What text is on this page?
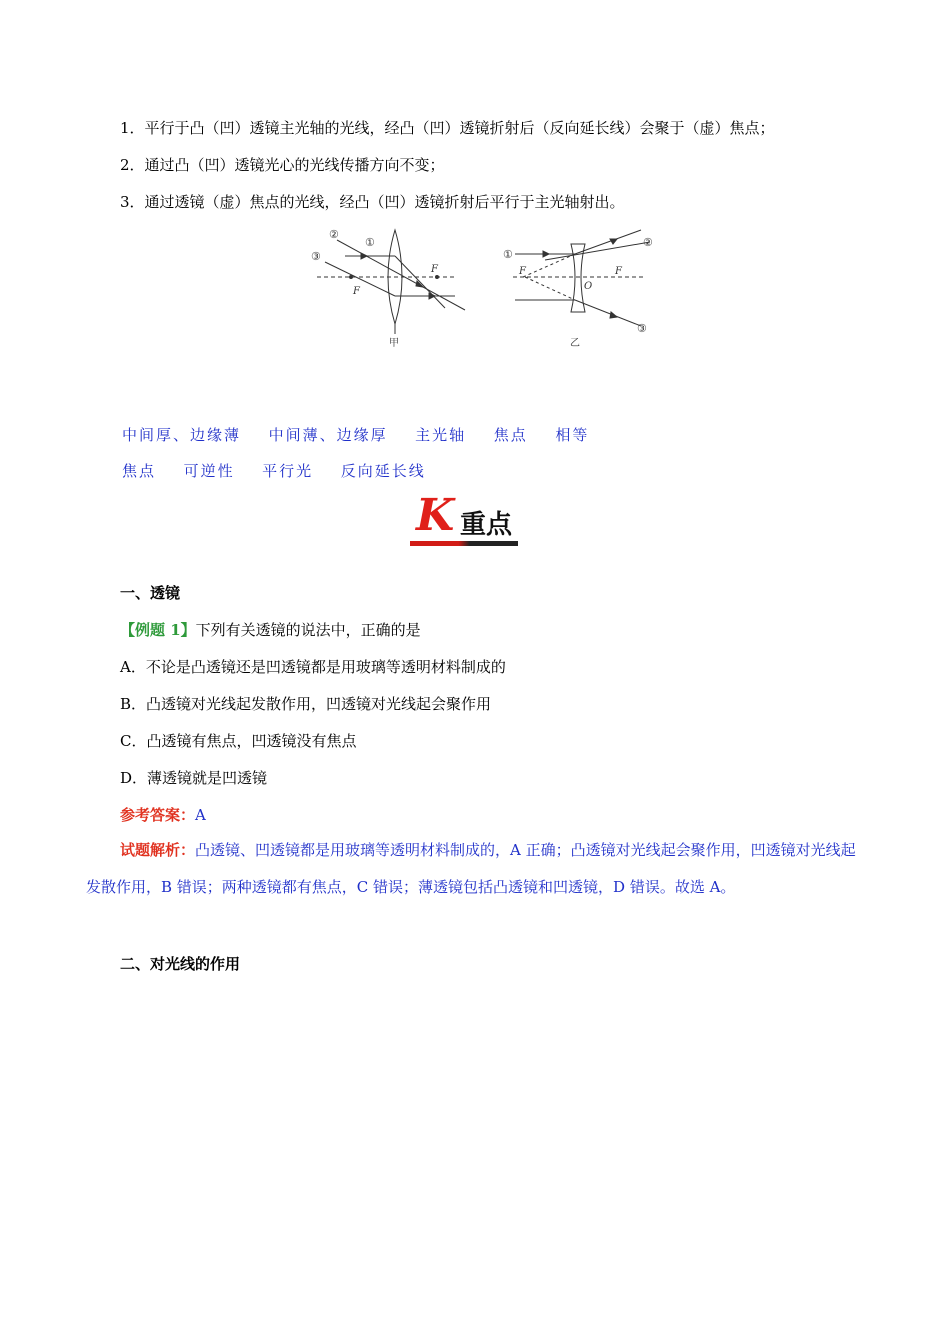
1．平行于凸（凹）透镜主光轴的光线，经凸（凹）透镜折射后（反向延长线）会聚于（虚）焦点；
2．通过凸（凹）透镜光心的光线传播方向不变；
3．通过透镜（虚）焦点的光线，经凸（凹）透镜折射后平行于主光轴射出。
②
①
③
F
F
甲
①
②
③
F	F
O
乙
中间厚、边缘薄 中间薄、边缘厚 主光轴 焦点 相等
焦点 可逆性 平行光 反向延长线
K 重点
一、透镜
【例题 1】下列有关透镜的说法中，正确的是
A．不论是凸透镜还是凹透镜都是用玻璃等透明材料制成的
B．凸透镜对光线起发散作用，凹透镜对光线起会聚作用
C．凸透镜有焦点，凹透镜没有焦点
D．薄透镜就是凹透镜
参考答案：A
试题解析：凸透镜、凹透镜都是用玻璃等透明材料制成的，A 正确；凸透镜对光线起会聚作用，凹透镜对光线起发散作用，B 错误；两种透镜都有焦点，C 错误；薄透镜包括凸透镜和凹透镜，D 错误。故选 A。
二、对光线的作用
